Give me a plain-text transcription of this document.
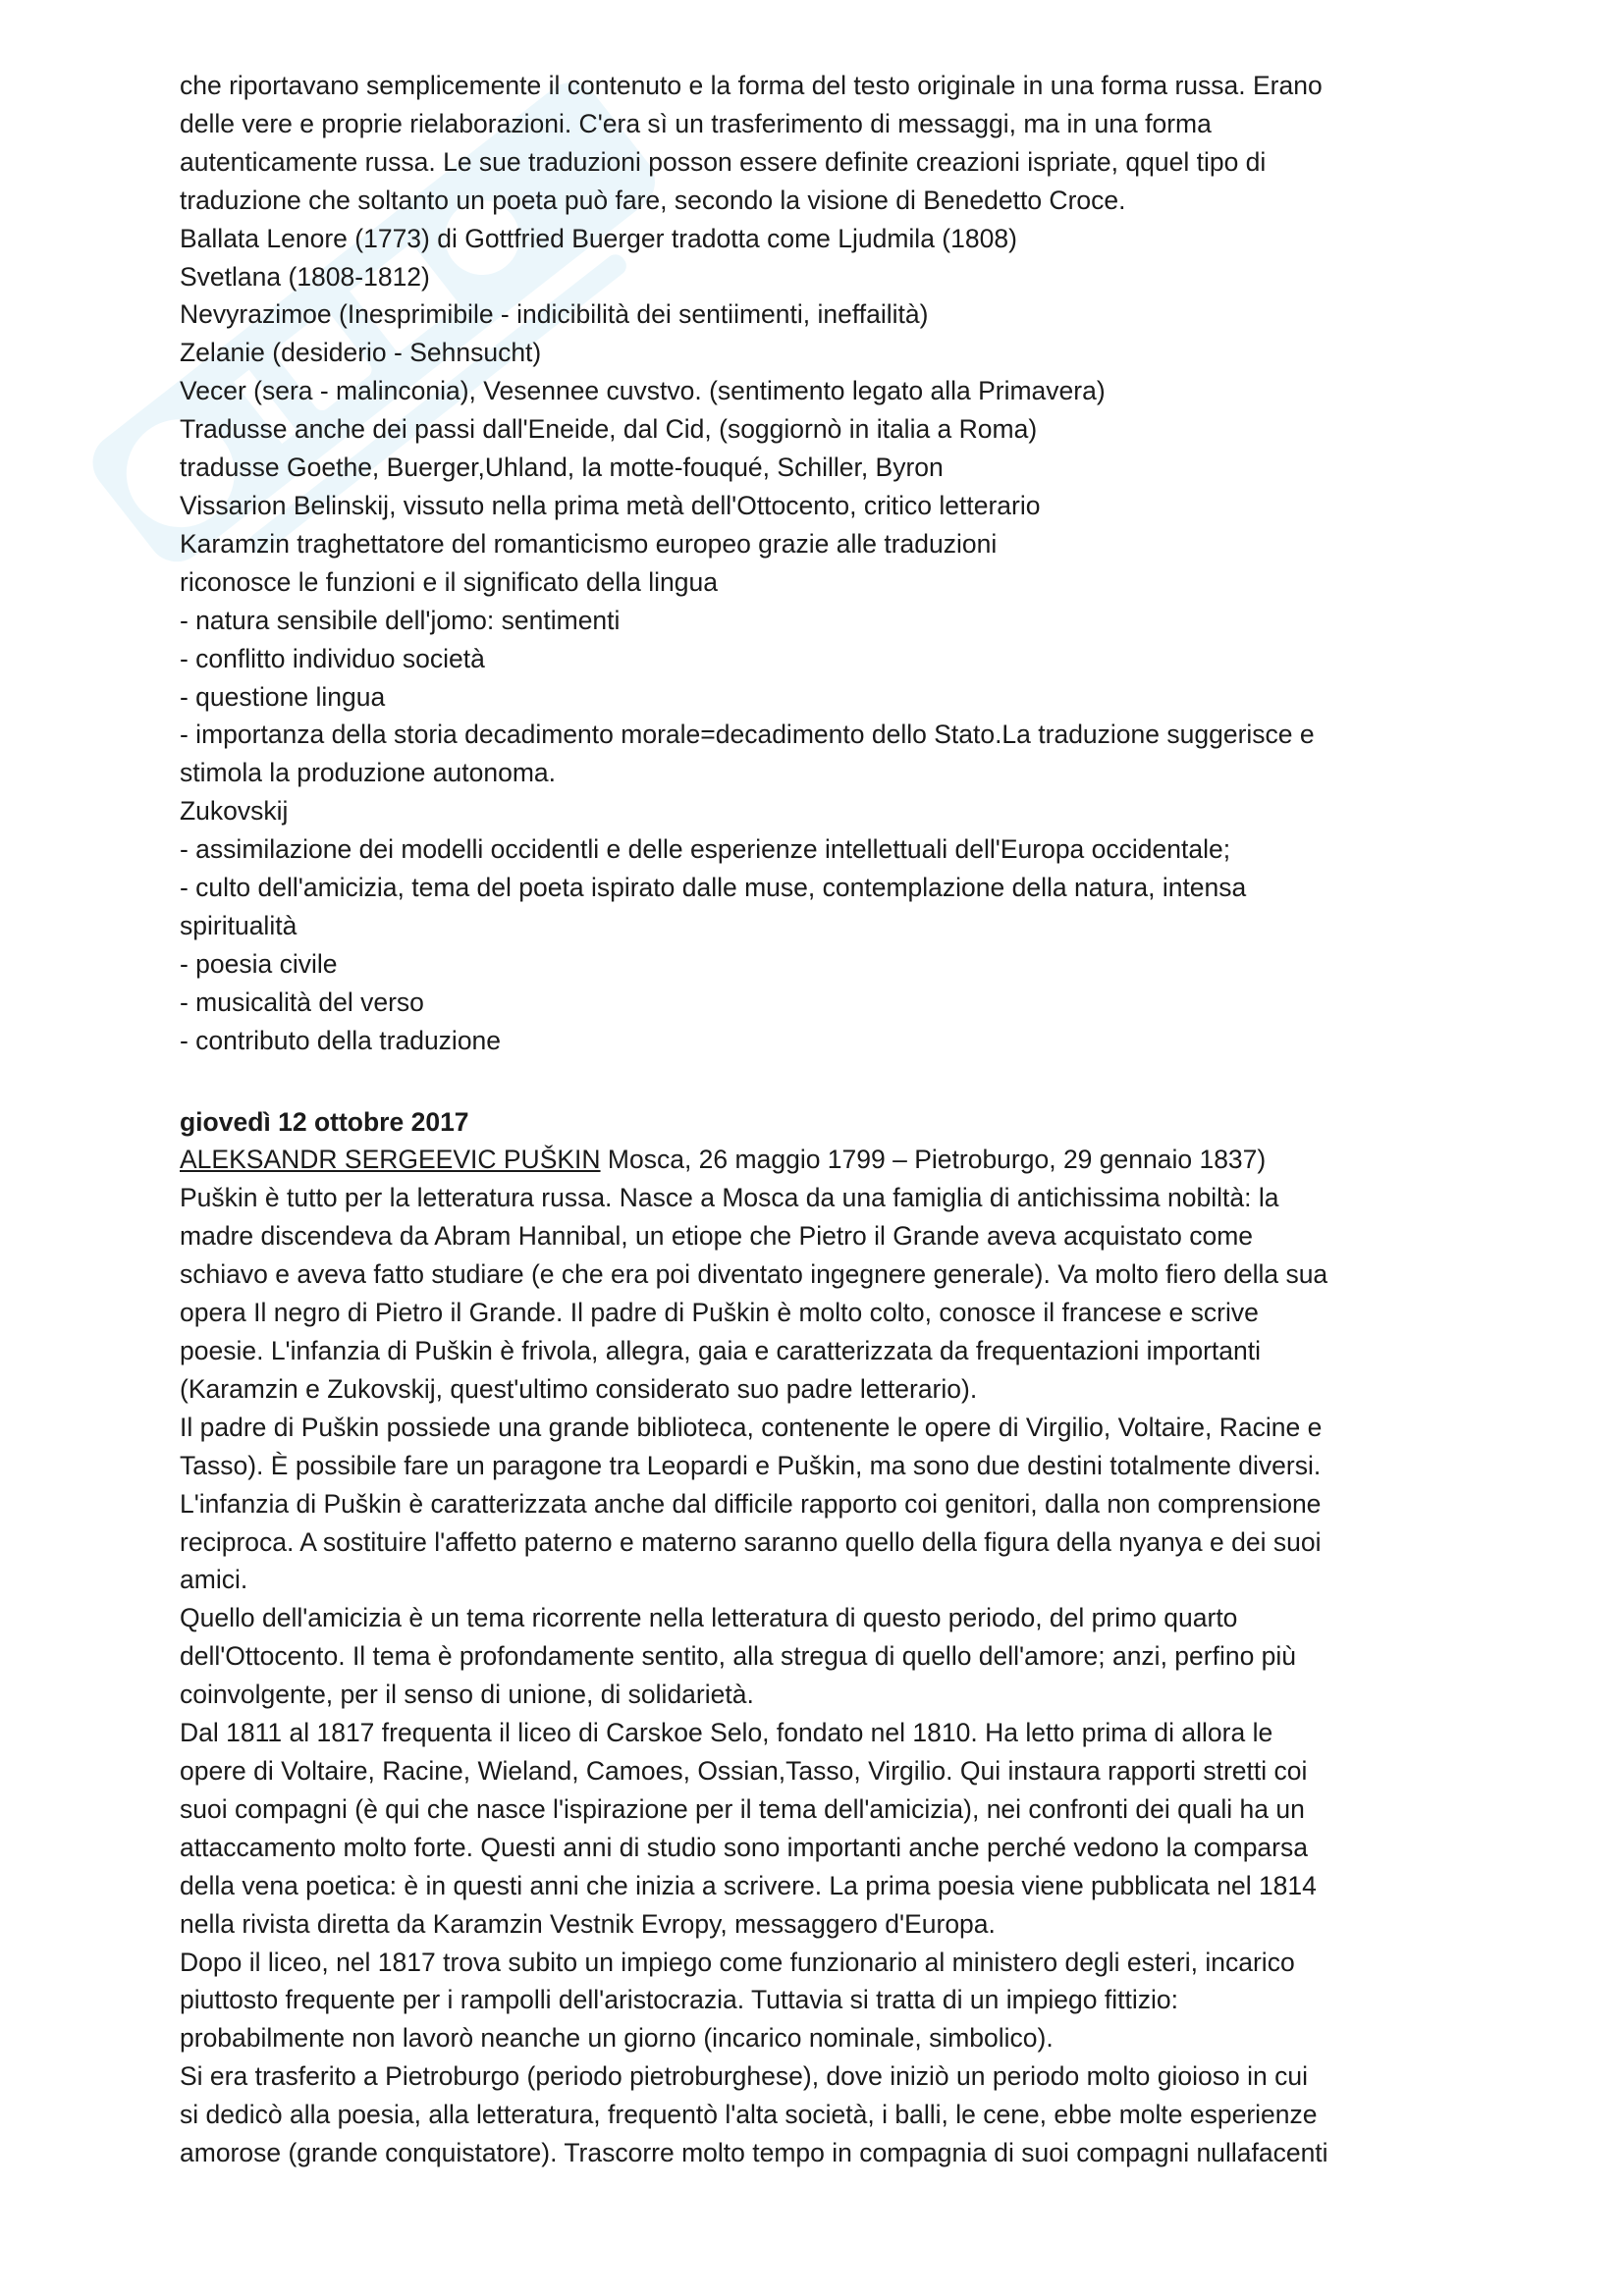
che riportavano semplicemente il contenuto e la forma del testo originale in una forma russa. Erano
delle vere e proprie rielaborazioni. C'era sì un trasferimento di messaggi, ma in una forma
autenticamente russa. Le sue traduzioni posson essere definite creazioni ispriate, qquel tipo di
traduzione che soltanto un poeta può fare, secondo la visione di Benedetto Croce.
Ballata Lenore (1773) di Gottfried Buerger tradotta come Ljudmila (1808)
Svetlana (1808-1812)
Nevyrazimoe (Inesprimibile - indicibilità dei sentiimenti, ineffailità)
Zelanie (desiderio - Sehnsucht)
Vecer (sera - malinconia), Vesennee cuvstvo. (sentimento legato alla Primavera)
Tradusse anche dei passi dall'Eneide, dal Cid, (soggiornò in italia a Roma)
tradusse Goethe, Buerger,Uhland, la motte-fouqué, Schiller, Byron
Vissarion Belinskij, vissuto nella prima metà dell'Ottocento, critico letterario
Karamzin traghettatore del romanticismo europeo grazie alle traduzioni
riconosce le funzioni e il significato della lingua
- natura sensibile dell'jomo: sentimenti
- conflitto individuo società
- questione lingua
- importanza della storia decadimento morale=decadimento dello Stato.La traduzione suggerisce e
stimola la produzione autonoma.
Zukovskij
- assimilazione dei modelli occidentli e delle esperienze intellettuali dell'Europa occidentale;
- culto dell'amicizia, tema del poeta ispirato dalle muse, contemplazione della natura, intensa
spiritualità
- poesia civile
- musicalità del verso
- contributo della traduzione
giovedì 12 ottobre 2017
ALEKSANDR SERGEEVIC PUŠKIN Mosca, 26 maggio 1799 – Pietroburgo, 29 gennaio 1837)
Puškin è tutto per la letteratura russa. Nasce a Mosca da una famiglia di antichissima nobiltà: la
madre discendeva da Abram Hannibal, un etiope che Pietro il Grande aveva acquistato come
schiavo e aveva fatto studiare (e che era poi diventato ingegnere generale). Va molto fiero della sua
opera Il negro di Pietro il Grande. Il padre di Puškin è molto colto, conosce il francese e scrive
poesie. L'infanzia di Puškin è frivola, allegra, gaia e caratterizzata da frequentazioni importanti
(Karamzin e Zukovskij, quest'ultimo considerato suo padre letterario).
Il padre di Puškin possiede una grande biblioteca, contenente le opere di Virgilio, Voltaire, Racine e
Tasso). È possibile fare un paragone tra Leopardi e Puškin, ma sono due destini totalmente diversi.
L'infanzia di Puškin è caratterizzata anche dal difficile rapporto coi genitori, dalla non comprensione
reciproca. A sostituire l'affetto paterno e materno saranno quello della figura della nyanya e dei suoi
amici.
Quello dell'amicizia è un tema ricorrente nella letteratura di questo periodo, del primo quarto
dell'Ottocento. Il tema è profondamente sentito, alla stregua di quello dell'amore; anzi, perfino più
coinvolgente, per il senso di unione, di solidarietà.
Dal 1811 al 1817 frequenta il liceo di Carskoe Selo, fondato nel 1810. Ha letto prima di allora le
opere di Voltaire, Racine, Wieland, Camoes, Ossian,Tasso, Virgilio. Qui instaura rapporti stretti coi
suoi compagni (è qui che nasce l'ispirazione per il tema dell'amicizia), nei confronti dei quali ha un
attaccamento molto forte. Questi anni di studio sono importanti anche perché vedono la comparsa
della vena poetica: è in questi anni che inizia a scrivere. La prima poesia viene pubblicata nel 1814
nella rivista diretta da Karamzin Vestnik Evropy, messaggero d'Europa.
Dopo il liceo, nel 1817 trova subito un impiego come funzionario al ministero degli esteri, incarico
piuttosto frequente per i rampolli dell'aristocrazia. Tuttavia si tratta di un impiego fittizio:
probabilmente non lavorò neanche un giorno (incarico nominale, simbolico).
Si era trasferito a Pietroburgo (periodo pietroburghese), dove iniziò un periodo molto gioioso in cui
si dedicò alla poesia, alla letteratura, frequentò l'alta società, i balli, le cene, ebbe molte esperienze
amorose (grande conquistatore). Trascorre molto tempo in compagnia di suoi compagni nullafacenti
